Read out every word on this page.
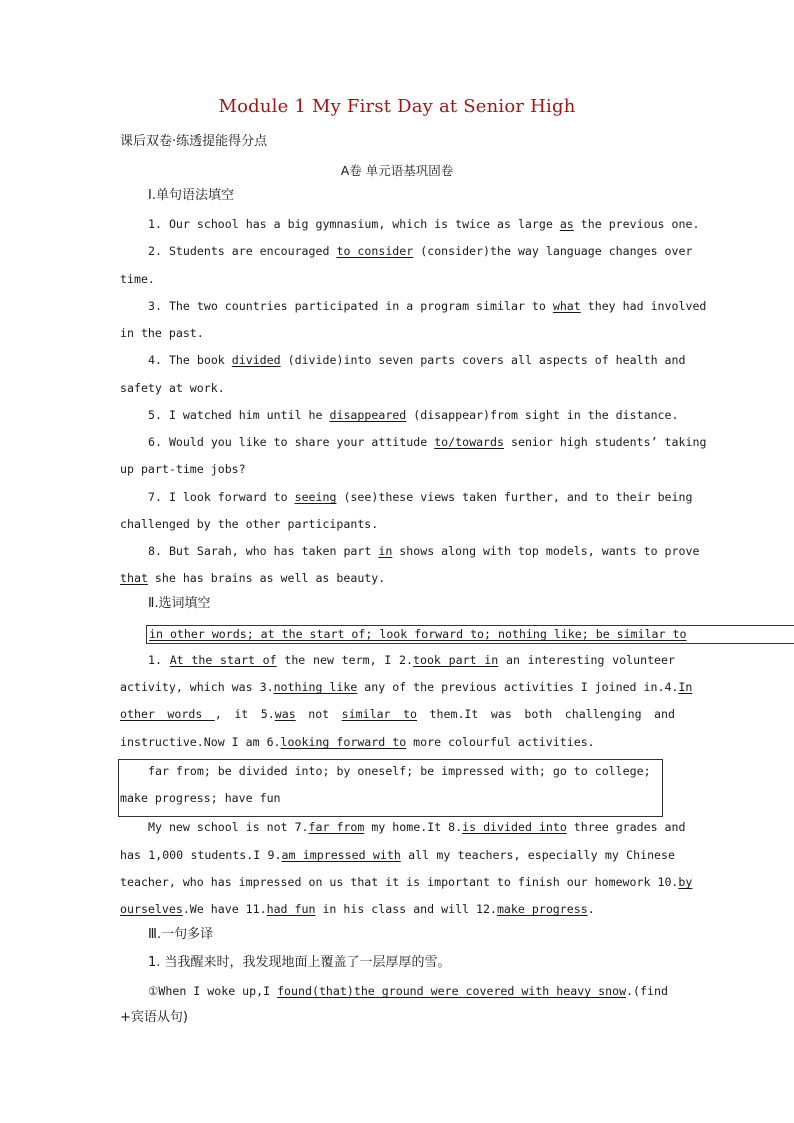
Module 1 My First Day at Senior High
课后双卷·练透提能得分点
A卷 单元语基巩固卷
Ⅰ.单句语法填空
1. Our school has a big gymnasium, which is twice as large as the previous one.
2. Students are encouraged to consider (consider)the way language changes over
time.
3. The two countries participated in a program similar to what they had involved
in the past.
4. The book divided (divide)into seven parts covers all aspects of health and
safety at work.
5. I watched him until he disappeared (disappear)from sight in the distance.
6. Would you like to share your attitude to/towards senior high students’ taking
up part-time jobs?
7. I look forward to seeing (see)these views taken further, and to their being
challenged by the other participants.
8. But Sarah, who has taken part in shows along with top models, wants to prove
that she has brains as well as beauty.
Ⅱ.选词填空
in other words; at the start of; look forward to; nothing like; be similar to
1. At the start of the new term, I 2.took part in an interesting volunteer
activity, which was 3.nothing like any of the previous activities I joined in.4.In
other words , it 5.was not similar to them.It was both challenging and
instructive.Now I am 6.looking forward to more colourful activities.
far from; be divided into; by oneself; be impressed with; go to college;
make progress; have fun
My new school is not 7.far from my home.It 8.is divided into three grades and
has 1,000 students.I 9.am impressed with all my teachers, especially my Chinese
teacher, who has impressed on us that it is important to finish our homework 10.by
ourselves.We have 11.had fun in his class and will 12.make progress.
Ⅲ.一句多译
1. 当我醒来时，我发现地面上覆盖了一层厚厚的雪。
①When I woke up,I found(that)the ground were covered with heavy snow.(find
+宾语从句)
